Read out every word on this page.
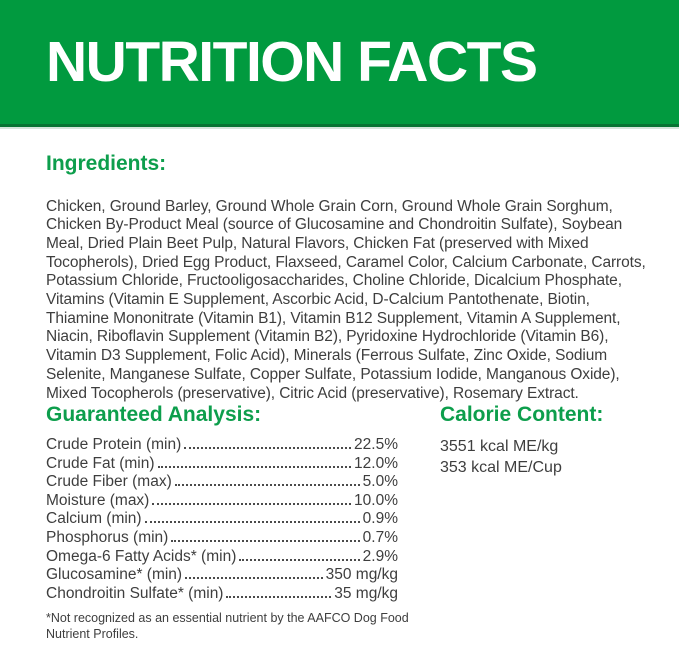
NUTRITION FACTS
Ingredients:

Chicken, Ground Barley, Ground Whole Grain Corn, Ground Whole Grain Sorghum, Chicken By-Product Meal (source of Glucosamine and Chondroitin Sulfate), Soybean Meal, Dried Plain Beet Pulp, Natural Flavors, Chicken Fat (preserved with Mixed Tocopherols), Dried Egg Product, Flaxseed, Caramel Color, Calcium Carbonate, Carrots, Potassium Chloride, Fructooligosaccharides, Choline Chloride, Dicalcium Phosphate, Vitamins (Vitamin E Supplement, Ascorbic Acid, D-Calcium Pantothenate, Biotin, Thiamine Mononitrate (Vitamin B1), Vitamin B12 Supplement, Vitamin A Supplement, Niacin, Riboflavin Supplement (Vitamin B2), Pyridoxine Hydrochloride (Vitamin B6), Vitamin D3 Supplement, Folic Acid), Minerals (Ferrous Sulfate, Zinc Oxide, Sodium Selenite, Manganese Sulfate, Copper Sulfate, Potassium Iodide, Manganous Oxide), Mixed Tocopherols (preservative), Citric Acid (preservative), Rosemary Extract.

Guaranteed Analysis:
Crude Protein (min)	22.5%
Crude Fat (min)	12.0%
Crude Fiber (max)	5.0%
Moisture (max)	10.0%
Calcium (min)	0.9%
Phosphorus (min)	0.7%
Omega-6 Fatty Acids* (min)	2.9%
Glucosamine* (min)	350 mg/kg
Chondroitin Sulfate* (min)	35 mg/kg

*Not recognized as an essential nutrient by the AAFCO Dog Food Nutrient Profiles.

Calorie Content:
3551 kcal ME/kg
353 kcal ME/Cup
